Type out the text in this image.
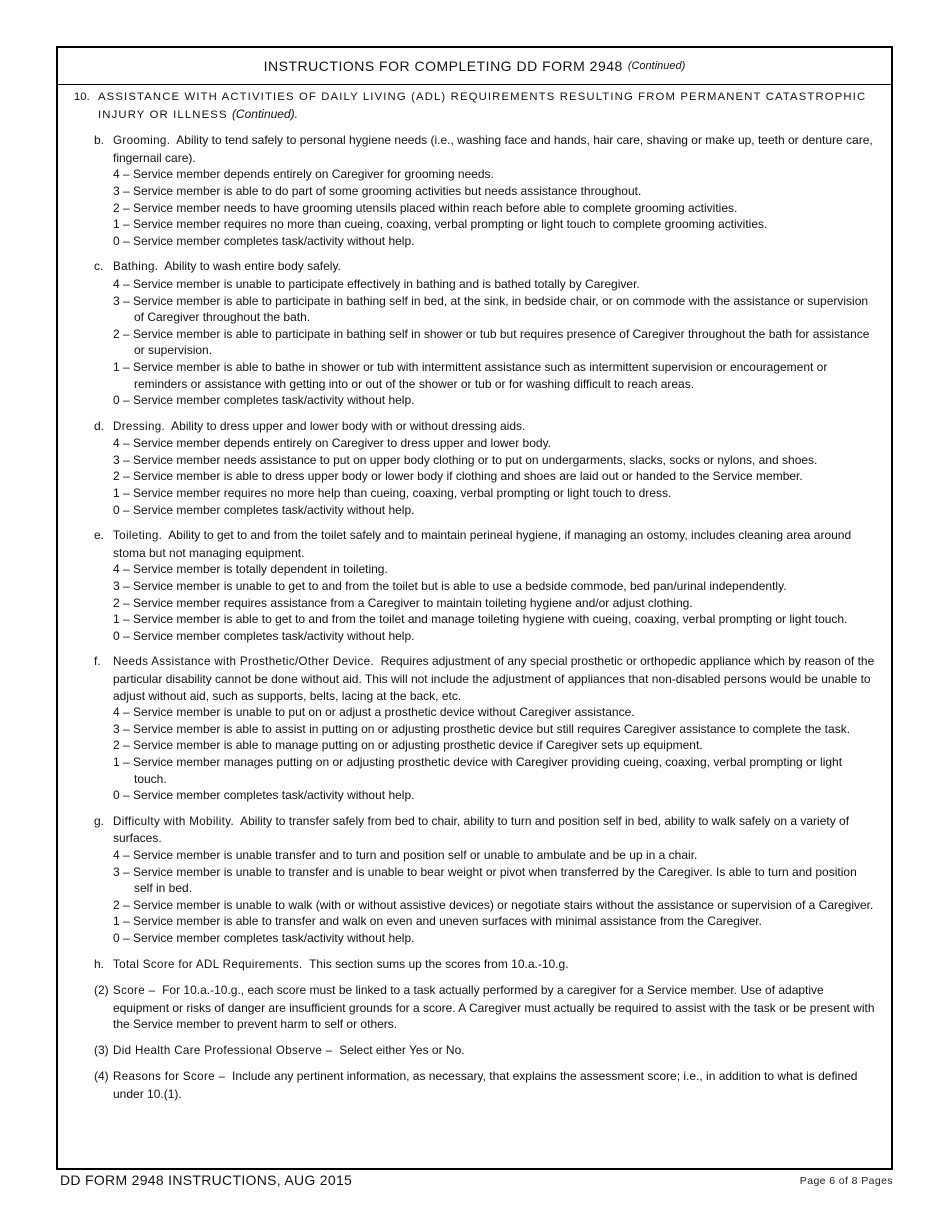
INSTRUCTIONS FOR COMPLETING DD FORM 2948 (Continued)
10. ASSISTANCE WITH ACTIVITIES OF DAILY LIVING (ADL) REQUIREMENTS RESULTING FROM PERMANENT CATASTROPHIC INJURY OR ILLNESS (Continued).
b. Grooming. Ability to tend safely to personal hygiene needs (i.e., washing face and hands, hair care, shaving or make up, teeth or denture care, fingernail care).
4 – Service member depends entirely on Caregiver for grooming needs.
3 – Service member is able to do part of some grooming activities but needs assistance throughout.
2 – Service member needs to have grooming utensils placed within reach before able to complete grooming activities.
1 – Service member requires no more than cueing, coaxing, verbal prompting or light touch to complete grooming activities.
0 – Service member completes task/activity without help.
c. Bathing. Ability to wash entire body safely.
4 – Service member is unable to participate effectively in bathing and is bathed totally by Caregiver.
3 – Service member is able to participate in bathing self in bed, at the sink, in bedside chair, or on commode with the assistance or supervision of Caregiver throughout the bath.
2 – Service member is able to participate in bathing self in shower or tub but requires presence of Caregiver throughout the bath for assistance or supervision.
1 – Service member is able to bathe in shower or tub with intermittent assistance such as intermittent supervision or encouragement or reminders or assistance with getting into or out of the shower or tub or for washing difficult to reach areas.
0 – Service member completes task/activity without help.
d. Dressing. Ability to dress upper and lower body with or without dressing aids.
4 – Service member depends entirely on Caregiver to dress upper and lower body.
3 – Service member needs assistance to put on upper body clothing or to put on undergarments, slacks, socks or nylons, and shoes.
2 – Service member is able to dress upper body or lower body if clothing and shoes are laid out or handed to the Service member.
1 – Service member requires no more help than cueing, coaxing, verbal prompting or light touch to dress.
0 – Service member completes task/activity without help.
e. Toileting. Ability to get to and from the toilet safely and to maintain perineal hygiene, if managing an ostomy, includes cleaning area around stoma but not managing equipment.
4 – Service member is totally dependent in toileting.
3 – Service member is unable to get to and from the toilet but is able to use a bedside commode, bed pan/urinal independently.
2 – Service member requires assistance from a Caregiver to maintain toileting hygiene and/or adjust clothing.
1 – Service member is able to get to and from the toilet and manage toileting hygiene with cueing, coaxing, verbal prompting or light touch.
0 – Service member completes task/activity without help.
f. Needs Assistance with Prosthetic/Other Device. Requires adjustment of any special prosthetic or orthopedic appliance which by reason of the particular disability cannot be done without aid. This will not include the adjustment of appliances that non-disabled persons would be unable to adjust without aid, such as supports, belts, lacing at the back, etc.
4 – Service member is unable to put on or adjust a prosthetic device without Caregiver assistance.
3 – Service member is able to assist in putting on or adjusting prosthetic device but still requires Caregiver assistance to complete the task.
2 – Service member is able to manage putting on or adjusting prosthetic device if Caregiver sets up equipment.
1 – Service member manages putting on or adjusting prosthetic device with Caregiver providing cueing, coaxing, verbal prompting or light touch.
0 – Service member completes task/activity without help.
g. Difficulty with Mobility. Ability to transfer safely from bed to chair, ability to turn and position self in bed, ability to walk safely on a variety of surfaces.
4 – Service member is unable transfer and to turn and position self or unable to ambulate and be up in a chair.
3 – Service member is unable to transfer and is unable to bear weight or pivot when transferred by the Caregiver. Is able to turn and position self in bed.
2 – Service member is unable to walk (with or without assistive devices) or negotiate stairs without the assistance or supervision of a Caregiver.
1 – Service member is able to transfer and walk on even and uneven surfaces with minimal assistance from the Caregiver.
0 – Service member completes task/activity without help.
h. Total Score for ADL Requirements. This section sums up the scores from 10.a.-10.g.
(2) Score – For 10.a.-10.g., each score must be linked to a task actually performed by a caregiver for a Service member. Use of adaptive equipment or risks of danger are insufficient grounds for a score. A Caregiver must actually be required to assist with the task or be present with the Service member to prevent harm to self or others.
(3) Did Health Care Professional Observe – Select either Yes or No.
(4) Reasons for Score – Include any pertinent information, as necessary, that explains the assessment score; i.e., in addition to what is defined under 10.(1).
DD FORM 2948 INSTRUCTIONS, AUG 2015	Page 6 of 8 Pages
